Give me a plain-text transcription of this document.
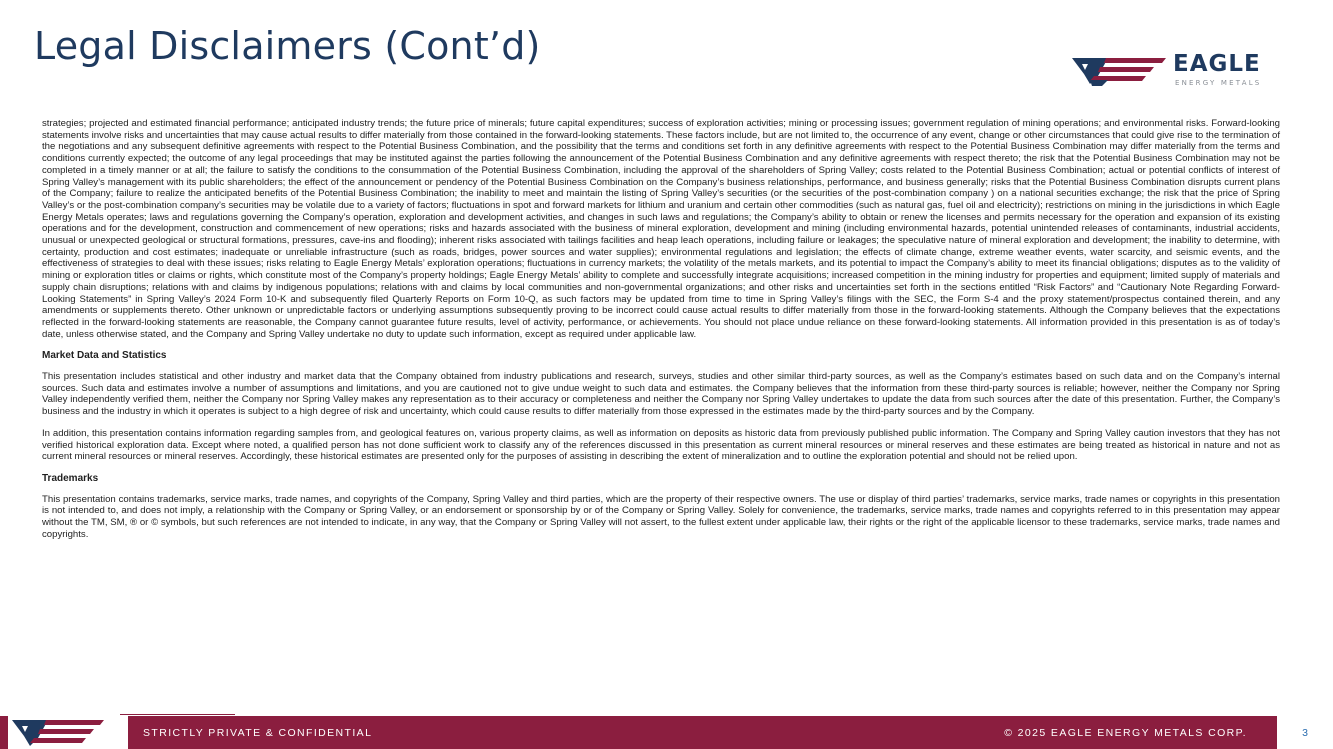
Legal Disclaimers (Cont’d)	EAGLE
ENERGY METALS

strategies; projected and estimated financial performance; anticipated industry trends; the future price of minerals; future capital expenditures; success of exploration activities; mining or processing issues; government regulation of mining operations; and environmental risks. Forward-looking statements involve risks and uncertainties that may cause actual results to differ materially from those contained in the forward-looking statements. These factors include, but are not limited to, the occurrence of any event, change or other circumstances that could give rise to the termination of the negotiations and any subsequent definitive agreements with respect to the Potential Business Combination, and the possibility that the terms and conditions set forth in any definitive agreements with respect to the Potential Business Combination may differ materially from the terms and conditions currently expected; the outcome of any legal proceedings that may be instituted against the parties following the announcement of the Potential Business Combination and any definitive agreements with respect thereto; the risk that the Potential Business Combination may not be completed in a timely manner or at all; the failure to satisfy the conditions to the consummation of the Potential Business Combination, including the approval of the shareholders of Spring Valley; costs related to the Potential Business Combination; actual or potential conflicts of interest of Spring Valley’s management with its public shareholders; the effect of the announcement or pendency of the Potential Business Combination on the Company’s business relationships, performance, and business generally; risks that the Potential Business Combination disrupts current plans of the Company; failure to realize the anticipated benefits of the Potential Business Combination; the inability to meet and maintain the listing of Spring Valley’s securities (or the securities of the post-combination company ) on a national securities exchange; the risk that the price of Spring Valley’s or the post-combination company’s securities may be volatile due to a variety of factors; fluctuations in spot and forward markets for lithium and uranium and certain other commodities (such as natural gas, fuel oil and electricity); restrictions on mining in the jurisdictions in which Eagle Energy Metals operates; laws and regulations governing the Company’s operation, exploration and development activities, and changes in such laws and regulations; the Company’s ability to obtain or renew the licenses and permits necessary for the operation and expansion of its existing operations and for the development, construction and commencement of new operations; risks and hazards associated with the business of mineral exploration, development and mining (including environmental hazards, potential unintended releases of contaminants, industrial accidents, unusual or unexpected geological or structural formations, pressures, cave-ins and flooding); inherent risks associated with tailings facilities and heap leach operations, including failure or leakages; the speculative nature of mineral exploration and development; the inability to determine, with certainty, production and cost estimates; inadequate or unreliable infrastructure (such as roads, bridges, power sources and water supplies); environmental regulations and legislation; the effects of climate change, extreme weather events, water scarcity, and seismic events, and the effectiveness of strategies to deal with these issues; risks relating to Eagle Energy Metals’ exploration operations; fluctuations in currency markets; the volatility of the metals markets, and its potential to impact the Company’s ability to meet its financial obligations; disputes as to the validity of mining or exploration titles or claims or rights, which constitute most of the Company’s property holdings; Eagle Energy Metals’ ability to complete and successfully integrate acquisitions; increased competition in the mining industry for properties and equipment; limited supply of materials and supply chain disruptions; relations with and claims by indigenous populations; relations with and claims by local communities and non-governmental organizations; and other risks and uncertainties set forth in the sections entitled “Risk Factors” and “Cautionary Note Regarding Forward-Looking Statements” in Spring Valley’s 2024 Form 10-K and subsequently filed Quarterly Reports on Form 10-Q, as such factors may be updated from time to time in Spring Valley’s filings with the SEC, the Form S-4 and the proxy statement/prospectus contained therein, and any amendments or supplements thereto. Other unknown or unpredictable factors or underlying assumptions subsequently proving to be incorrect could cause actual results to differ materially from those in the forward-looking statements. Although the Company believes that the expectations reflected in the forward-looking statements are reasonable, the Company cannot guarantee future results, level of activity, performance, or achievements. You should not place undue reliance on these forward-looking statements. All information provided in this presentation is as of today’s date, unless otherwise stated, and the Company and Spring Valley undertake no duty to update such information, except as required under applicable law.

Market Data and Statistics

This presentation includes statistical and other industry and market data that the Company obtained from industry publications and research, surveys, studies and other similar third-party sources, as well as the Company’s estimates based on such data and on the Company’s internal sources. Such data and estimates involve a number of assumptions and limitations, and you are cautioned not to give undue weight to such data and estimates. the Company believes that the information from these third-party sources is reliable; however, neither the Company nor Spring Valley independently verified them, neither the Company nor Spring Valley makes any representation as to their accuracy or completeness and neither the Company nor Spring Valley undertakes to update the data from such sources after the date of this presentation. Further, the Company’s business and the industry in which it operates is subject to a high degree of risk and uncertainty, which could cause results to differ materially from those expressed in the estimates made by the third-party sources and by the Company.

In addition, this presentation contains information regarding samples from, and geological features on, various property claims, as well as information on deposits as historic data from previously published public information. The Company and Spring Valley caution investors that they has not verified historical exploration data. Except where noted, a qualified person has not done sufficient work to classify any of the references discussed in this presentation as current mineral resources or mineral reserves and these estimates are being treated as historical in nature and not as current mineral resources or mineral reserves. Accordingly, these historical estimates are presented only for the purposes of assisting in describing the extent of mineralization and to outline the exploration potential and should not be relied upon.

Trademarks

This presentation contains trademarks, service marks, trade names, and copyrights of the Company, Spring Valley and third parties, which are the property of their respective owners. The use or display of third parties’ trademarks, service marks, trade names or copyrights in this presentation is not intended to, and does not imply, a relationship with the Company or Spring Valley, or an endorsement or sponsorship by or of the Company or Spring Valley. Solely for convenience, the trademarks, service marks, trade names and copyrights referred to in this presentation may appear without the TM, SM, ® or © symbols, but such references are not intended to indicate, in any way, that the Company or Spring Valley will not assert, to the fullest extent under applicable law, their rights or the right of the applicable licensor to these trademarks, service marks, trade names and copyrights.

STRICTLY PRIVATE & CONFIDENTIAL	© 2025 EAGLE ENERGY METALS CORP.	3
